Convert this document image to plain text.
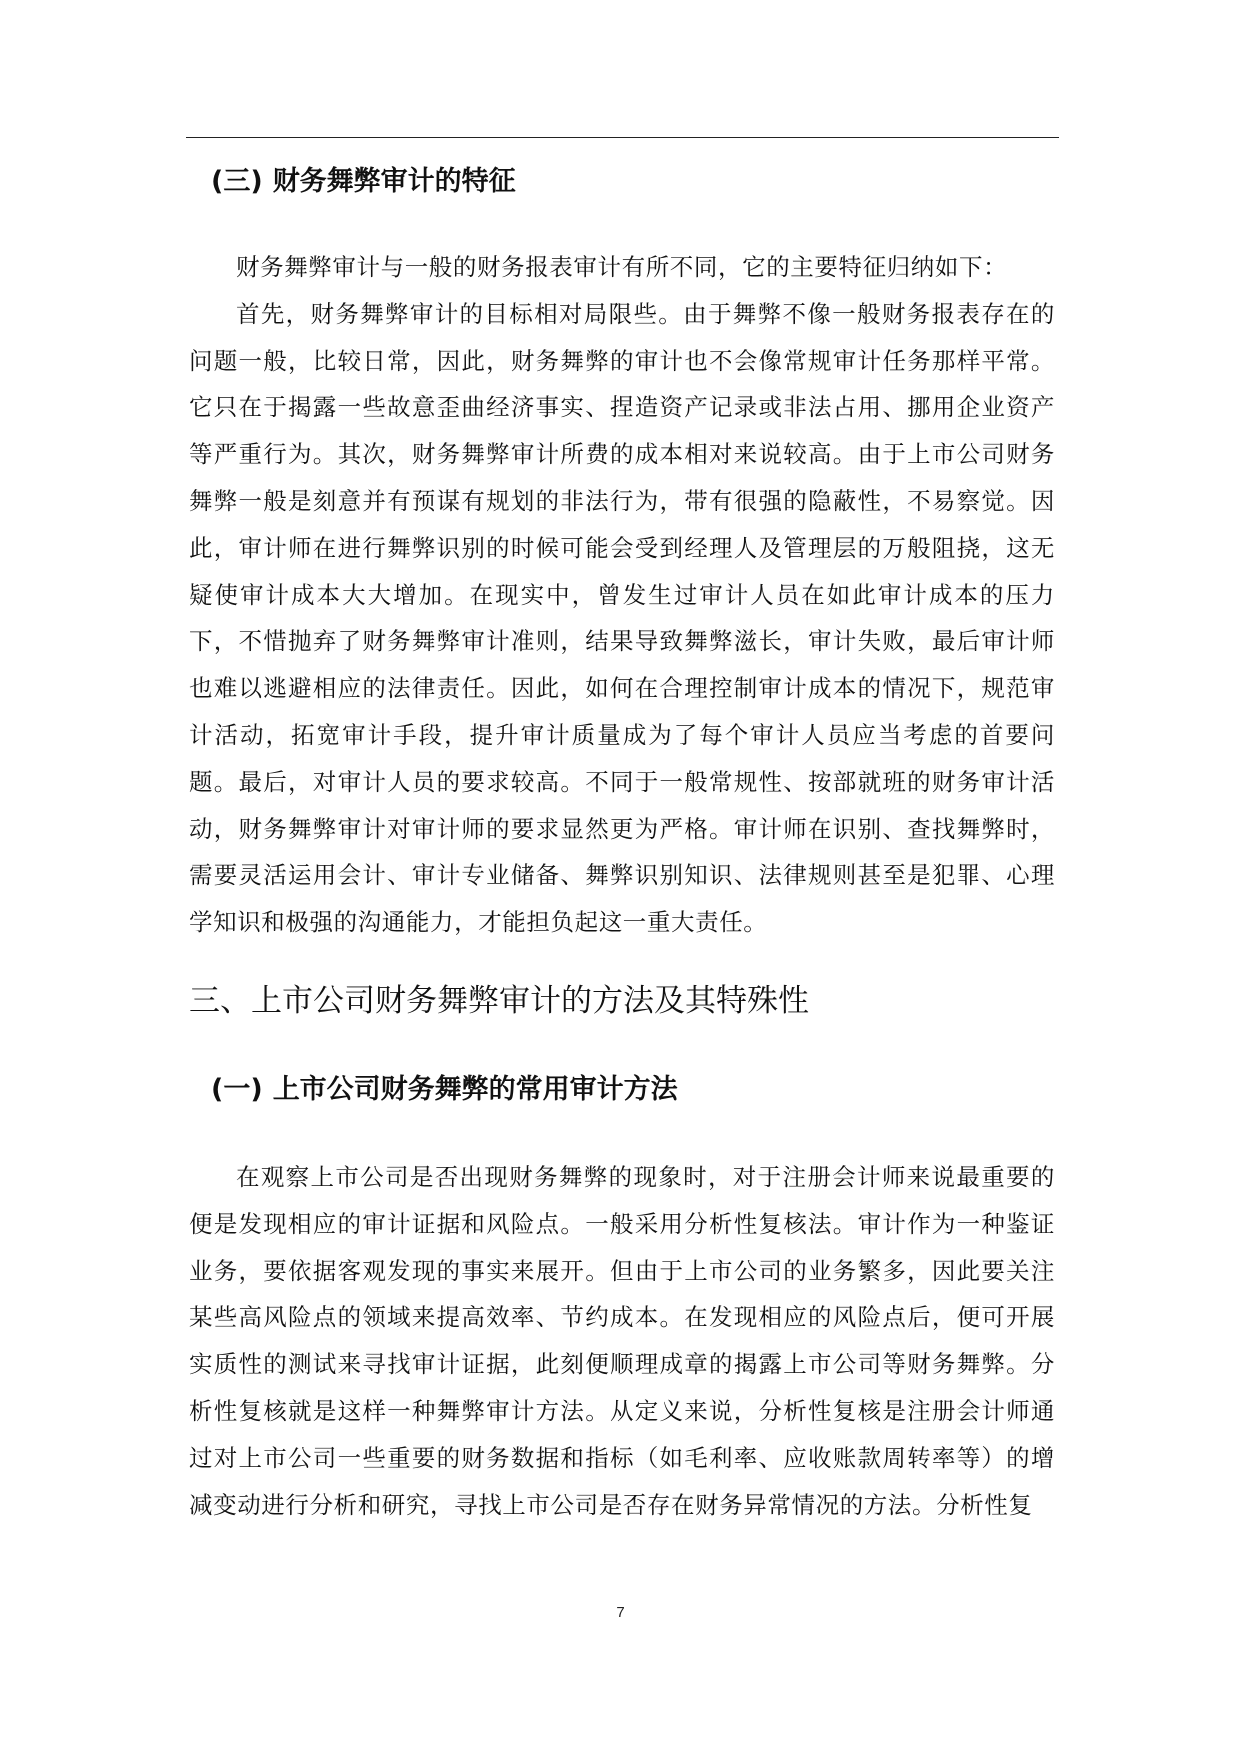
(三) 财务舞弊审计的特征

财务舞弊审计与一般的财务报表审计有所不同，它的主要特征归纳如下：

首先，财务舞弊审计的目标相对局限些。由于舞弊不像一般财务报表存在的问题一般，比较日常，因此，财务舞弊的审计也不会像常规审计任务那样平常。它只在于揭露一些故意歪曲经济事实、捏造资产记录或非法占用、挪用企业资产等严重行为。其次，财务舞弊审计所费的成本相对来说较高。由于上市公司财务舞弊一般是刻意并有预谋有规划的非法行为，带有很强的隐蔽性，不易察觉。因此，审计师在进行舞弊识别的时候可能会受到经理人及管理层的万般阻挠，这无疑使审计成本大大增加。在现实中，曾发生过审计人员在如此审计成本的压力下，不惜抛弃了财务舞弊审计准则，结果导致舞弊滋长，审计失败，最后审计师也难以逃避相应的法律责任。因此，如何在合理控制审计成本的情况下，规范审计活动，拓宽审计手段，提升审计质量成为了每个审计人员应当考虑的首要问题。最后，对审计人员的要求较高。不同于一般常规性、按部就班的财务审计活动，财务舞弊审计对审计师的要求显然更为严格。审计师在识别、查找舞弊时，需要灵活运用会计、审计专业储备、舞弊识别知识、法律规则甚至是犯罪、心理学知识和极强的沟通能力，才能担负起这一重大责任。

三、上市公司财务舞弊审计的方法及其特殊性
(一) 上市公司财务舞弊的常用审计方法

在观察上市公司是否出现财务舞弊的现象时，对于注册会计师来说最重要的便是发现相应的审计证据和风险点。一般采用分析性复核法。审计作为一种鉴证业务，要依据客观发现的事实来展开。但由于上市公司的业务繁多，因此要关注某些高风险点的领域来提高效率、节约成本。在发现相应的风险点后，便可开展实质性的测试来寻找审计证据，此刻便顺理成章的揭露上市公司等财务舞弊。分析性复核就是这样一种舞弊审计方法。从定义来说，分析性复核是注册会计师通过对上市公司一些重要的财务数据和指标（如毛利率、应收账款周转率等）的增减变动进行分析和研究，寻找上市公司是否存在财务异常情况的方法。分析性复

7
